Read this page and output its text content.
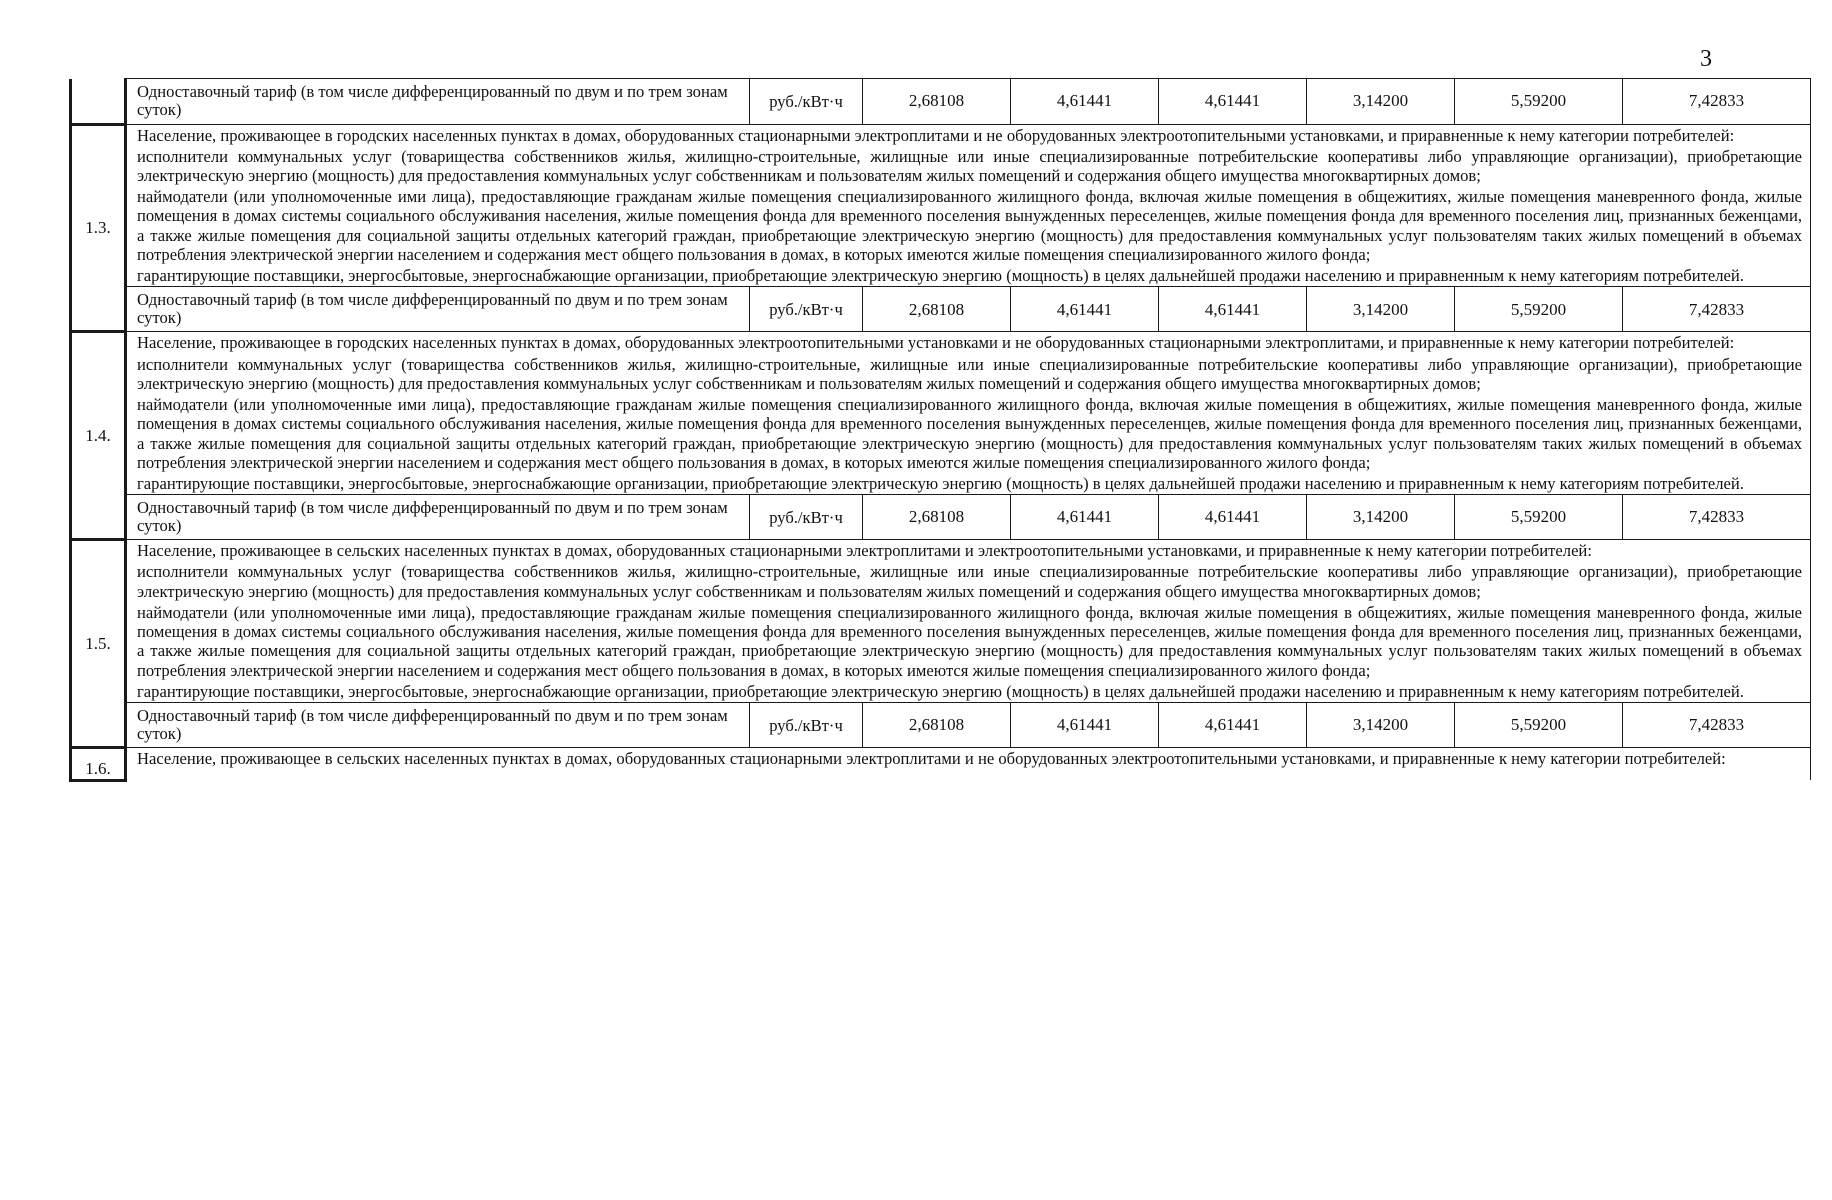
3
	Одноставочный тариф (в том числе дифференцированный по двум и по трем зонам суток)	руб./кВт·ч	2,68108	4,61441	4,61441	3,14200	5,59200	7,42833
1.3.	Население, проживающее в городских населенных пунктах в домах, оборудованных стационарными электроплитами и не оборудованных электроотопительными установками, и приравненные к нему категории потребителей:

исполнители коммунальных услуг (товарищества собственников жилья, жилищно-строительные, жилищные или иные специализированные потребительские кооперативы либо управляющие организации), приобретающие электрическую энергию (мощность) для предоставления коммунальных услуг собственникам и пользователям жилых помещений и содержания общего имущества многоквартирных домов;

наймодатели (или уполномоченные ими лица), предоставляющие гражданам жилые помещения специализированного жилищного фонда, включая жилые помещения в общежитиях, жилые помещения маневренного фонда, жилые помещения в домах системы социального обслуживания населения, жилые помещения фонда для временного поселения вынужденных переселенцев, жилые помещения фонда для временного поселения лиц, признанных беженцами, а также жилые помещения для социальной защиты отдельных категорий граждан, приобретающие электрическую энергию (мощность) для предоставления коммунальных услуг пользователям таких жилых помещений в объемах потребления электрической энергии населением и содержания мест общего пользования в домах, в которых имеются жилые помещения специализированного жилого фонда;

гарантирующие поставщики, энергосбытовые, энергоснабжающие организации, приобретающие электрическую энергию (мощность) в целях дальнейшей продажи населению и приравненным к нему категориям потребителей.							

	Одноставочный тариф (в том числе дифференцированный по двум и по трем зонам суток)	руб./кВт·ч	2,68108	4,61441	4,61441	3,14200	5,59200	7,42833
1.4.	Население, проживающее в городских населенных пунктах в домах, оборудованных электроотопительными установками и не оборудованных стационарными электроплитами, и приравненные к нему категории потребителей:

исполнители коммунальных услуг (товарищества собственников жилья, жилищно-строительные, жилищные или иные специализированные потребительские кооперативы либо управляющие организации), приобретающие электрическую энергию (мощность) для предоставления коммунальных услуг собственникам и пользователям жилых помещений и содержания общего имущества многоквартирных домов;

наймодатели (или уполномоченные ими лица), предоставляющие гражданам жилые помещения специализированного жилищного фонда, включая жилые помещения в общежитиях, жилые помещения маневренного фонда, жилые помещения в домах системы социального обслуживания населения, жилые помещения фонда для временного поселения вынужденных переселенцев, жилые помещения фонда для временного поселения лиц, признанных беженцами, а также жилые помещения для социальной защиты отдельных категорий граждан, приобретающие электрическую энергию (мощность) для предоставления коммунальных услуг пользователям таких жилых помещений в объемах потребления электрической энергии населением и содержания мест общего пользования в домах, в которых имеются жилые помещения специализированного жилого фонда;

гарантирующие поставщики, энергосбытовые, энергоснабжающие организации, приобретающие электрическую энергию (мощность) в целях дальнейшей продажи населению и приравненным к нему категориям потребителей.							

	Одноставочный тариф (в том числе дифференцированный по двум и по трем зонам суток)	руб./кВт·ч	2,68108	4,61441	4,61441	3,14200	5,59200	7,42833
1.5.	Население, проживающее в сельских населенных пунктах в домах, оборудованных стационарными электроплитами и электроотопительными установками, и приравненные к нему категории потребителей:

исполнители коммунальных услуг (товарищества собственников жилья, жилищно-строительные, жилищные или иные специализированные потребительские кооперативы либо управляющие организации), приобретающие электрическую энергию (мощность) для предоставления коммунальных услуг собственникам и пользователям жилых помещений и содержания общего имущества многоквартирных домов;

наймодатели (или уполномоченные ими лица), предоставляющие гражданам жилые помещения специализированного жилищного фонда, включая жилые помещения в общежитиях, жилые помещения маневренного фонда, жилые помещения в домах системы социального обслуживания населения, жилые помещения фонда для временного поселения вынужденных переселенцев, жилые помещения фонда для временного поселения лиц, признанных беженцами, а также жилые помещения для социальной защиты отдельных категорий граждан, приобретающие электрическую энергию (мощность) для предоставления коммунальных услуг пользователям таких жилых помещений в объемах потребления электрической энергии населением и содержания мест общего пользования в домах, в которых имеются жилые помещения специализированного жилого фонда;

гарантирующие поставщики, энергосбытовые, энергоснабжающие организации, приобретающие электрическую энергию (мощность) в целях дальнейшей продажи населению и приравненным к нему категориям потребителей.							

	Одноставочный тариф (в том числе дифференцированный по двум и по трем зонам суток)	руб./кВт·ч	2,68108	4,61441	4,61441	3,14200	5,59200	7,42833
1.6.	Население, проживающее в сельских населенных пунктах в домах, оборудованных стационарными электроплитами и не оборудованных электроотопительными установками, и приравненные к нему категории потребителей:							
